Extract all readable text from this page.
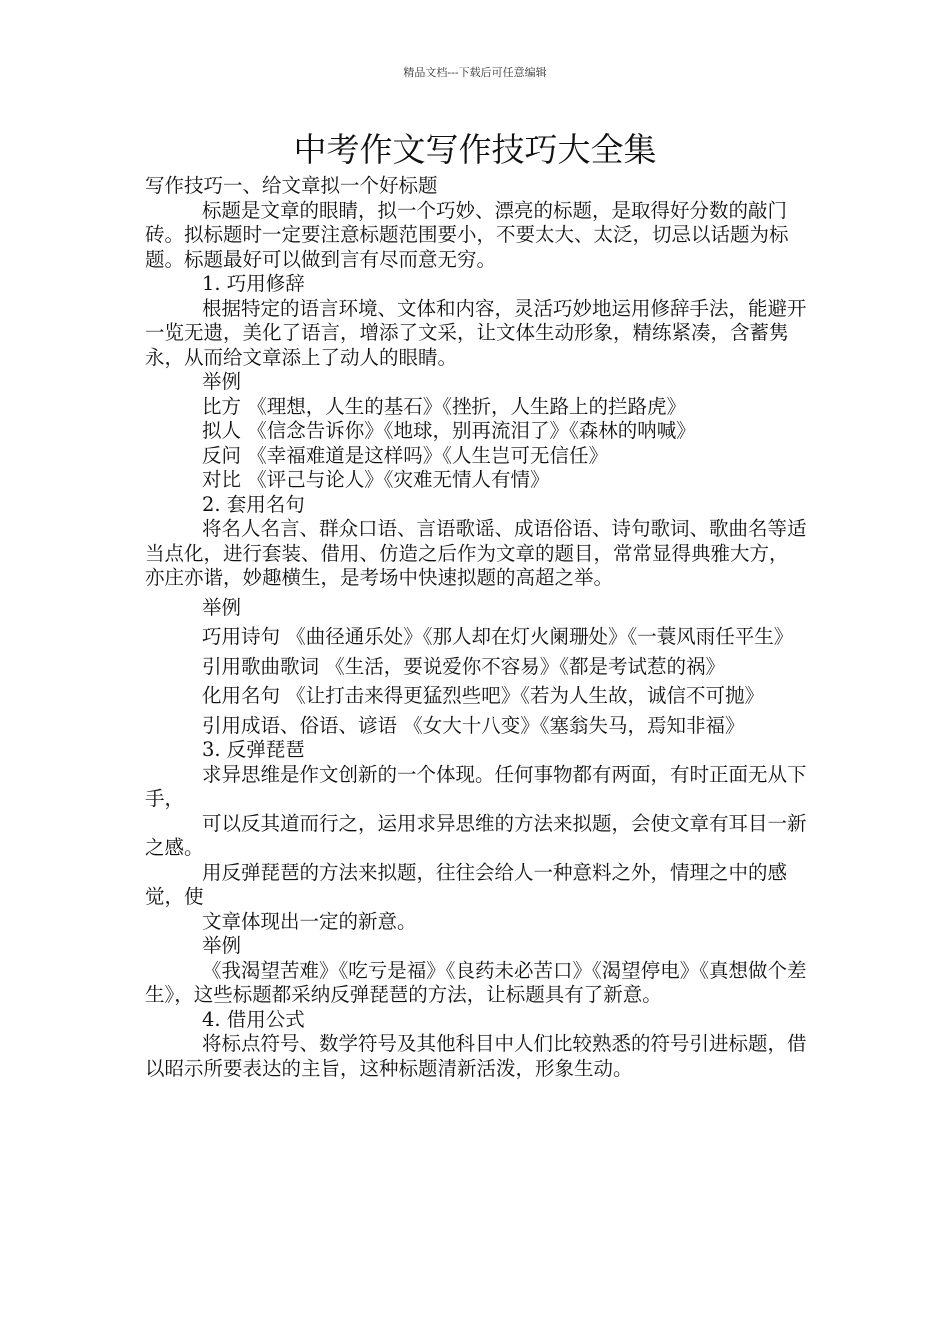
精品文档---下载后可任意编辑
中考作文写作技巧大全集

写作技巧一、给文章拟一个好标题

标题是文章的眼睛，拟一个巧妙、漂亮的标题，是取得好分数的敲门砖。拟标题时一定要注意标题范围要小，不要太大、太泛，切忌以话题为标题。标题最好可以做到言有尽而意无穷。

1. 巧用修辞

根据特定的语言环境、文体和内容，灵活巧妙地运用修辞手法，能避开一览无遗，美化了语言，增添了文采，让文体生动形象，精练紧凑，含蓄隽永，从而给文章添上了动人的眼睛。

举例

比方 《理想，人生的基石》《挫折，人生路上的拦路虎》

拟人 《信念告诉你》《地球，别再流泪了》《森林的呐喊》

反问 《幸福难道是这样吗》《人生岂可无信任》

对比 《评己与论人》《灾难无情人有情》

2. 套用名句

将名人名言、群众口语、言语歌谣、成语俗语、诗句歌词、歌曲名等适当点化，进行套装、借用、仿造之后作为文章的题目，常常显得典雅大方，亦庄亦谐，妙趣横生，是考场中快速拟题的高超之举。

举例

巧用诗句 《曲径通乐处》《那人却在灯火阑珊处》《一蓑风雨任平生》

引用歌曲歌词 《生活，要说爱你不容易》《都是考试惹的祸》

化用名句 《让打击来得更猛烈些吧》《若为人生故，诚信不可抛》

引用成语、俗语、谚语 《女大十八变》《塞翁失马，焉知非福》

3. 反弹琵琶

求异思维是作文创新的一个体现。任何事物都有两面，有时正面无从下手，

可以反其道而行之，运用求异思维的方法来拟题，会使文章有耳目一新之感。

用反弹琵琶的方法来拟题，往往会给人一种意料之外，情理之中的感觉，使

文章体现出一定的新意。

举例

《我渴望苦难》《吃亏是福》《良药未必苦口》《渴望停电》《真想做个差生》，这些标题都采纳反弹琵琶的方法，让标题具有了新意。

4. 借用公式

将标点符号、数学符号及其他科目中人们比较熟悉的符号引进标题，借以昭示所要表达的主旨，这种标题清新活泼，形象生动。
